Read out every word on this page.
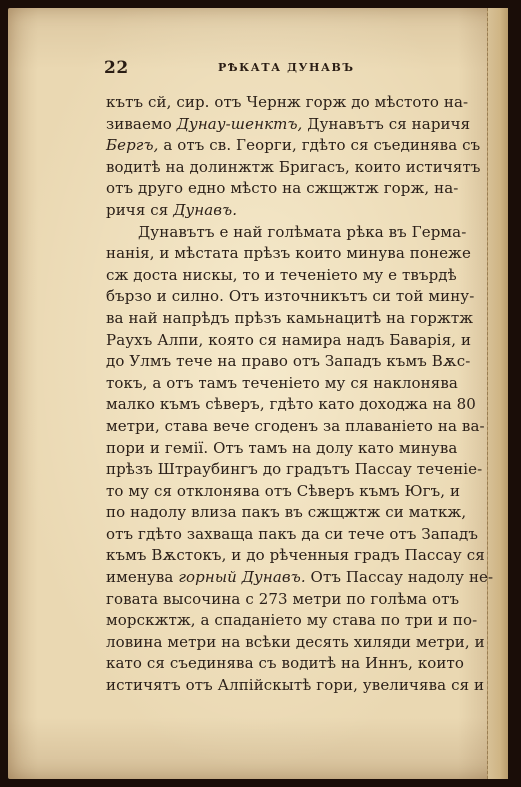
22	РѢКАТА ДУНАВЪ
кътъ сй, сир. отъ Чернж горж до мѣстото на-
зиваемо Дунау-шенктъ, Дунавътъ ся наричя
Бергъ, а отъ св. Георги, гдѣто ся съединява съ
водитѣ на долинжтж Бригасъ, които истичятъ
отъ друго едно мѣсто на сжщжтж горж, на-
ричя ся Дунавъ.
Дунавътъ е най голѣмата рѣка въ Герма-
нанія, и мѣстата прѣзъ които минува понеже
сж доста нискы, то и теченіето му е твърдѣ
бързо и силно. Отъ източникътъ си той мину-
ва най напрѣдъ прѣзъ камьнацитѣ на горжтж
Раухъ Алпи, която ся намира надъ Баварія, и
до Улмъ тече на право отъ Западъ къмъ Вѫс-
токъ, а отъ тамъ теченіето му ся наклонява
малко къмъ сѣверъ, гдѣто като доходжа на 80
метри, става вече сгоденъ за плаваніето на ва-
пори и гемії. Отъ тамъ на долу като минува
прѣзъ Штраубингъ до градътъ Пассау теченіе-
то му ся отклонява отъ Сѣверъ къмъ Югъ, и
по надолу влиза пакъ въ сжщжтж си маткж,
отъ гдѣто захваща пакъ да си тече отъ Западъ
къмъ Вѫстокъ, и до рѣченныя градъ Пассау ся
именува горный Дунавъ. Отъ Пассау надолу не-
говата высочина с 273 метри по голѣма отъ
морскжтж, а спаданіето му става по три и по-
ловина метри на всѣки десять хиляди метри, и
като ся съединява съ водитѣ на Иннъ, които
истичятъ отъ Алпійскытѣ гори, увеличява ся и
